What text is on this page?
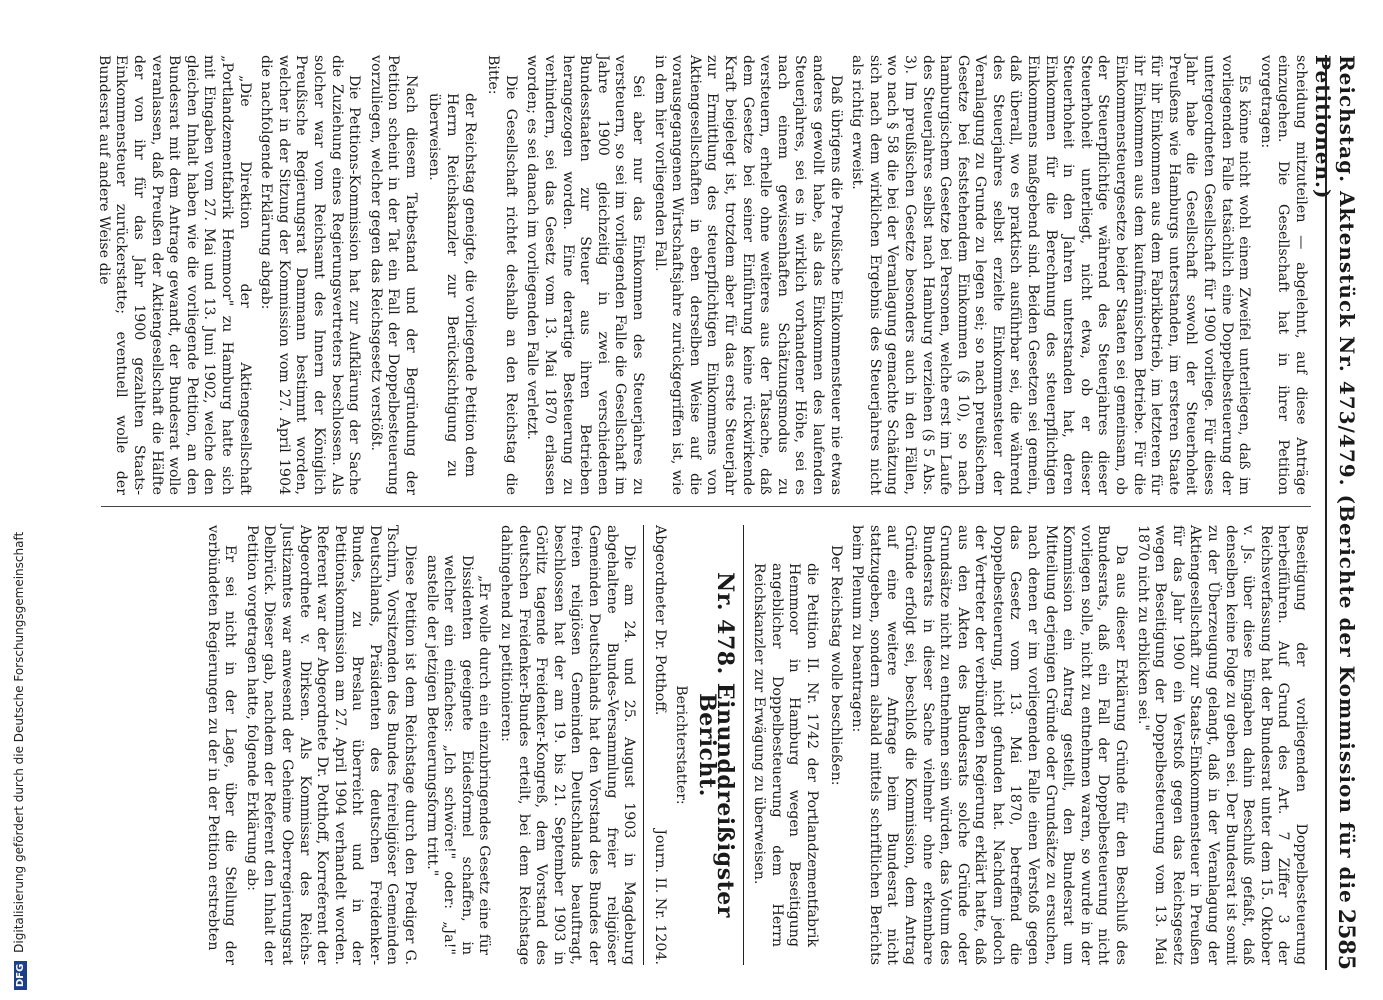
Reichstag. Aktenstück Nr. 473/479. (Berichte der Kommission für die Petitionen.)
2585

scheidung mitzuteilen — abgelehnt, auf diese Anträge einzugehen. Die Gesellschaft hat in ihrer Petition vorgetragen:

Es könne nicht wohl einem Zweifel unterliegen, daß im vorliegenden Falle tatsächlich eine Doppelbesteuerung der untergeordneten Gesellschaft für 1900 vorliege. Für dieses Jahr habe die Gesellschaft sowohl der Steuerhoheit Preußens wie Hamburgs unterstanden, im ersteren Staate für ihr Einkommen aus dem Fabrikbetrieb, im letzteren für ihr Einkommen aus dem kaufmännischen Betriebe. Für die Einkommensteuergesetze beider Staaten sei gemeinsam, ob der Steuerpflichtige während des Steuerjahres dieser Steuerhoheit unterliegt, nicht etwa, ob er dieser Steuerhoheit in den Jahren unterstanden hat, deren Einkommen für die Berechnung des steuerpflichtigen Einkommens maßgebend sind. Beiden Gesetzen sei gemein, daß überall, wo es praktisch ausführbar sei, die während des Steuerjahres selbst erzielte Einkommensteuer der Veranlagung zu Grunde zu legen sei; so nach preußischem Gesetze bei feststehendem Einkommen (§ 10), so nach hamburgischem Gesetze bei Personen, welche erst im Laufe des Steuerjahres selbst nach Hamburg verziehen (§ 5 Abs. 3). Im preußischen Gesetze besonders auch in den Fällen, wo nach § 58 die bei der Veranlagung gemachte Schätzung sich nach dem wirklichen Ergebnis des Steuerjahres nicht als richtig erweist.

Daß übrigens die Preußische Einkommensteuer nie etwas anderes gewollt habe, als das Einkommen des laufenden Steuerjahres, sei es in wirklich vorhandener Höhe, sei es nach einem gewissenhaften Schätzungsmodus zu versteuern, erhelle ohne weiteres aus der Tatsache, daß dem Gesetze bei seiner Einführung keine rückwirkende Kraft beigelegt ist, trotzdem aber für das erste Steuerjahr zur Ermittlung des steuerpflichtigen Einkommens von Aktiengesellschaften in eben derselben Weise auf die vorausgegangenen Wirtschaftsjahre zurückgegriffen ist, wie in dem hier vorliegenden Fall.

Sei aber nur das Einkommen des Steuerjahres zu versteuern, so sei im vorliegenden Falle die Gesellschaft im Jahre 1900 gleichzeitig in zwei verschiedenen Bundesstaaten zur Steuer aus ihren Betrieben herangezogen worden. Eine derartige Besteuerung zu verhindern, sei das Gesetz vom 13. Mai 1870 erlassen worden; es sei danach im vorliegenden Falle verletzt.

Die Gesellschaft richtet deshalb an den Reichstag die Bitte:

der Reichstag geneigte, die vorliegende Petition dem Herrn Reichskanzler zur Berücksichtigung zu überweisen.

Nach diesem Tatbestand und der Begründung der Petition scheint in der Tat ein Fall der Doppelbesteuerung vorzuliegen, welcher gegen das Reichsgesetz verstößt.

Die Petitions-Kommission hat zur Aufklärung der Sache die Zuziehung eines Regierungsvertreters beschlossen. Als solcher war vom Reichsamt des Innern der Königlich Preußische Regierungsrat Dammann bestimmt worden, welcher in der Sitzung der Kommission vom 27. April 1904 die nachfolgende Erklärung abgab:

„Die Direktion der Aktiengesellschaft „Portlandzementfabrik Hemmoor" zu Hamburg hatte sich mit Eingaben vom 27. Mai und 13. Juni 1902, welche den gleichen Inhalt haben wie die vorliegende Petition, an den Bundesrat mit dem Antrage gewandt, der Bundesrat wolle veranlassen, daß Preußen der Aktiengesellschaft die Hälfte der von ihr für das Jahr 1900 gezahlten Staats-Einkommensteuer zurückerstatte; eventuell wolle der Bundesrat auf andere Weise die

Beseitigung der vorliegenden Doppelbesteuerung herbeiführen. Auf Grund des Art. 7 Ziffer 3 der Reichsverfassung hat der Bundesrat unter dem 15. Oktober v. Js. über diese Eingaben dahin Beschluß gefaßt, daß denselben keine Folge zu geben sei. Der Bundesrat ist somit zu der Überzeugung gelangt, daß in der Veranlagung der Aktiengesellschaft zur Staats-Einkommensteuer in Preußen für das Jahr 1900 ein Verstoß gegen das Reichsgesetz wegen Beseitigung der Doppelbesteuerung vom 13. Mai 1870 nicht zu erblicken sei."

Da aus dieser Erklärung Gründe für den Beschluß des Bundesrats, daß ein Fall der Doppelbesteuerung nicht vorliegen solle, nicht zu entnehmen waren, so wurde in der Kommission ein Antrag gestellt, den Bundesrat um Mitteilung derjenigen Gründe oder Grundsätze zu ersuchen, nach denen er im vorliegenden Falle einen Verstoß gegen das Gesetz vom 13. Mai 1870, betreffend die Doppelbesteuerung, nicht gefunden hat. Nachdem jedoch der Vertreter der verbündeten Regierung erklärt hatte, daß aus den Akten des Bundesrats solche Gründe oder Grundsätze nicht zu entnehmen sein würden, das Votum des Bundesrats in dieser Sache vielmehr ohne erkennbare Gründe erfolgt sei, beschloß die Kommission, dem Antrag auf eine weitere Anfrage beim Bundesrat nicht stattzugeben, sondern alsbald mittels schriftlichen Berichts beim Plenum zu beantragen:

Der Reichstag wolle beschließen:

die Petition II. Nr. 1742 der Portlandzementfabrik Hemmoor in Hamburg wegen Beseitigung angeblicher Doppelbesteuerung dem Herrn Reichskanzler zur Erwägung zu überweisen.

Nr. 478. Einunddreißigster Bericht.

Berichterstatter:

Abgeordneter Dr. Potthoff.
Journ. II. Nr. 1204.

Die am 24. und 25. August 1903 in Magdeburg abgehaltene Bundes-Versammlung freier religiöser Gemeinden Deutschlands hat den Vorstand des Bundes der freien religiösen Gemeinden Deutschlands beauftragt, beschlossen hat der am 19. bis 21. September 1903 in Görlitz tagende Freidenker-Kongreß, dem Vorstand des deutschen Freidenker-Bundes erteilt, bei dem Reichstage dahingehend zu petitionieren:

„Er wolle durch ein einzubringendes Gesetz eine für Dissidenten geeignete Eidesformel schaffen, in welcher ein einfaches: „Ich schwöre!" oder: „Ja!" anstelle der jetzigen Beteuerungsform tritt."

Diese Petition ist dem Reichstage durch den Prediger G. Tschirn, Vorsitzenden des Bundes freireligiöser Gemeinden Deutschlands, Präsidenten des deutschen Freidenker-Bundes, zu Breslau überreicht und in der Petitionskommission am 27. April 1904 verhandelt worden. Referent war der Abgeordnete Dr. Potthoff, Korreferent der Abgeordnete v. Dirksen. Als Kommissar des Reichs-Justizamtes war anwesend der Geheime Oberregierungsrat Delbrück. Dieser gab, nachdem der Referent den Inhalt der Petition vorgetragen hatte, folgende Erklärung ab:

Er sei nicht in der Lage, über die Stellung der verbündeten Regierungen zu der in der Petition erstrebten

DFG Digitalisierung gefördert durch die Deutsche Forschungsgemeinschaft
